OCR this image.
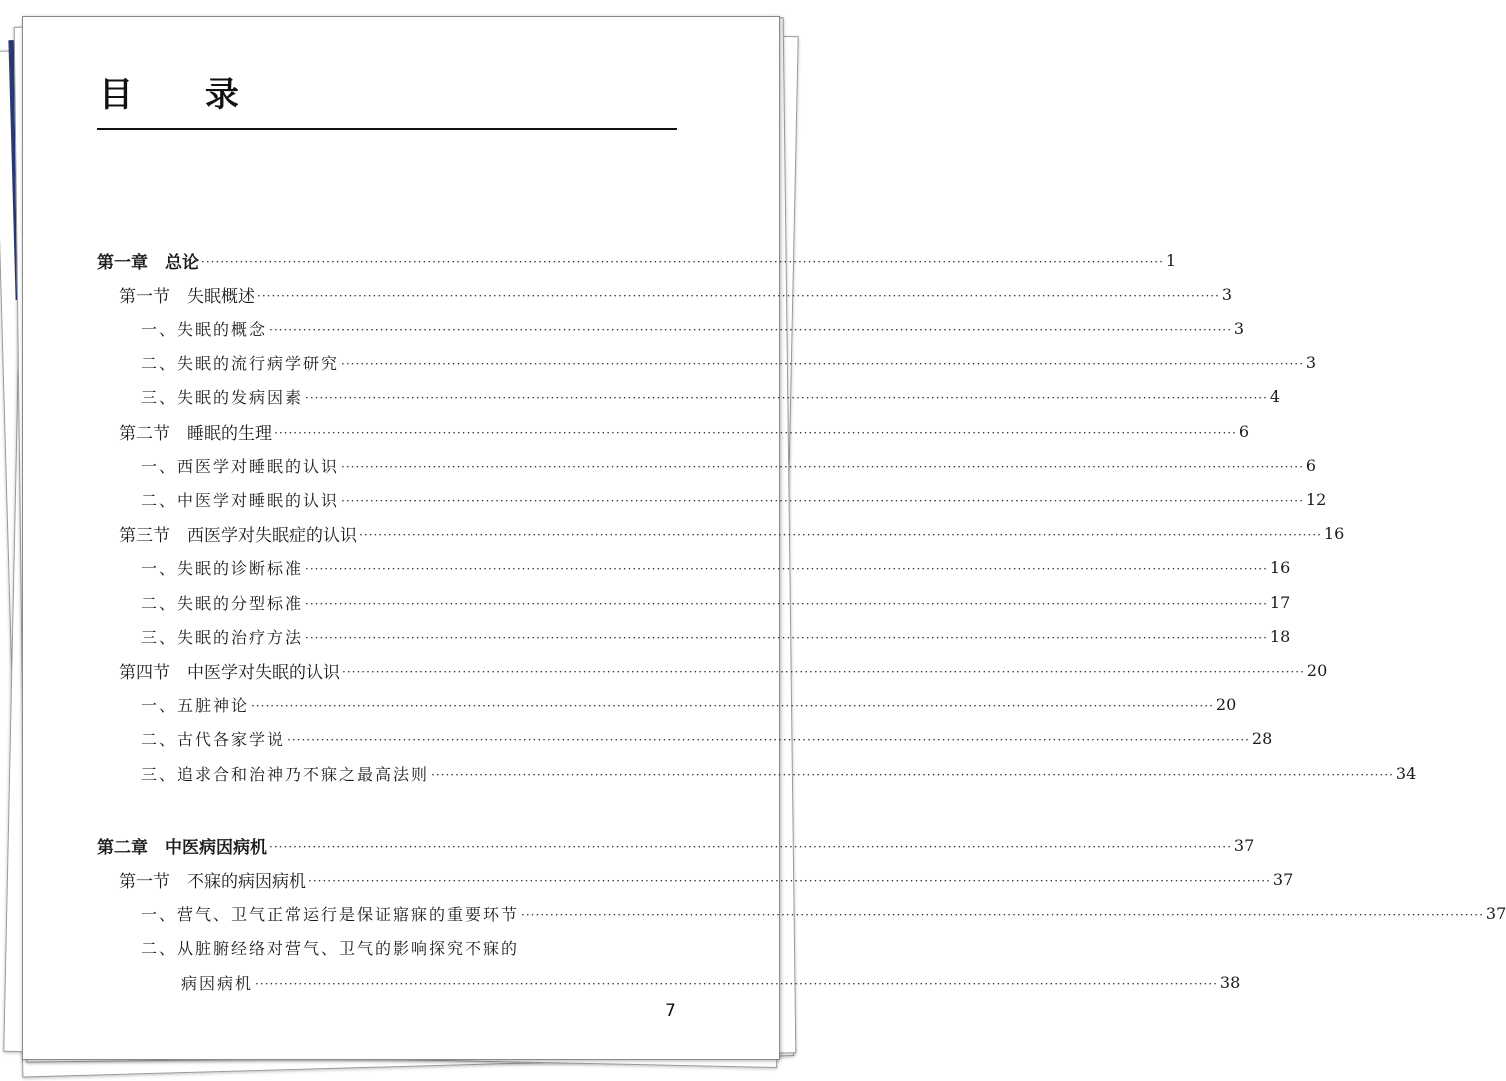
目 录
第一章　总论 ········································································································································································································ 1
第一节　失眠概述 ········································································································································································································ 3
一、失眠的概念 ········································································································································································································ 3
二、失眠的流行病学研究 ········································································································································································································ 3
三、失眠的发病因素 ········································································································································································································ 4
第二节　睡眠的生理 ········································································································································································································ 6
一、西医学对睡眠的认识 ········································································································································································································ 6
二、中医学对睡眠的认识 ········································································································································································································ 12
第三节　西医学对失眠症的认识 ········································································································································································································ 16
一、失眠的诊断标准 ········································································································································································································ 16
二、失眠的分型标准 ········································································································································································································ 17
三、失眠的治疗方法 ········································································································································································································ 18
第四节　中医学对失眠的认识 ········································································································································································································ 20
一、五脏神论 ········································································································································································································ 20
二、古代各家学说 ········································································································································································································ 28
三、追求合和治神乃不寐之最高法则 ········································································································································································································ 34
第二章　中医病因病机 ········································································································································································································ 37
第一节　不寐的病因病机 ········································································································································································································ 37
一、营气、卫气正常运行是保证寤寐的重要环节 ········································································································································································································ 37
二、从脏腑经络对营气、卫气的影响探究不寐的
病因病机 ········································································································································································································ 38
7
